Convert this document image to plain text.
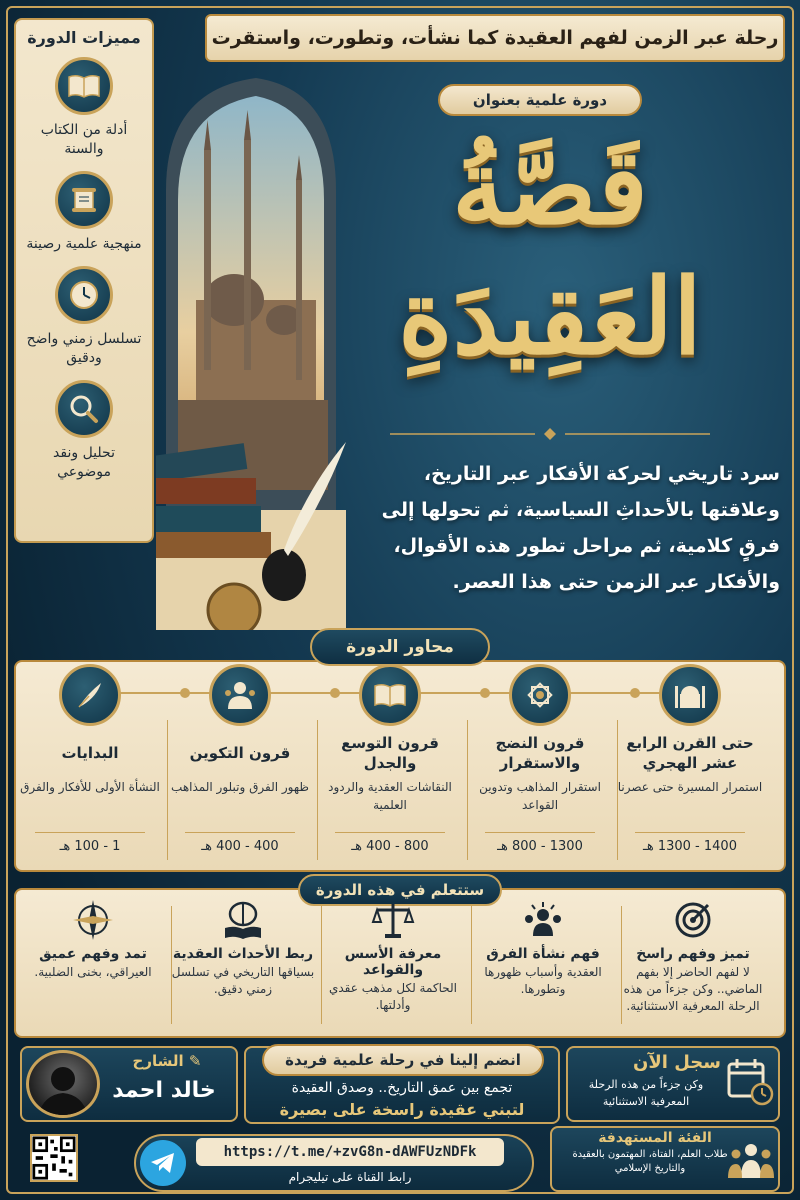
رحلة عبر الزمن لفهم العقيدة كما نشأت، وتطورت، واستقرت
مميزات الدورة
أدلة من الكتاب والسنة
منهجية علمية رصينة
تسلسل زمني واضح ودقيق
تحليل ونقد موضوعي
دورة علمية بعنوان
قَصَّةُ
العَقِيدَةِ
سرد تاريخي لحركة الأفكار عبر التاريخ، وعلاقتها بالأحداثِ السياسية، ثم تحولها إلى فرقٍ كلامية، ثم مراحل تطور هذه الأقوال، والأفكار عبر الزمن حتى هذا العصر.
محاور الدورة
حتى القرن الرابع عشر الهجري
استمرار المسيرة حتى عصرنا
1400 - 1300 هـ
قرون النضج والاستقرار
استقرار المذاهب وتدوين القواعد
1300 - 800 هـ
قرون التوسع والجدل
النقاشات العقدية والردود العلمية
800 - 400 هـ
قرون التكوين
ظهور الفرق وتبلور المذاهب
400 - 400 هـ
البدايات
النشأة الأولى للأفكار والفرق
1 - 100 هـ
ستتعلم في هذه الدورة
تميز وفهم راسخ
لا لفهم الحاضر إلا بفهم الماضي.. وكن جزءاً من هذه الرحلة المعرفية الاستثنائية.
فهم نشأة الفرق
العقدية وأسباب ظهورها وتطورها.
معرفة الأسس والقواعد
الحاكمة لكل مذهب عقدي وأدلتها.
ربط الأحداث العقدية
بسياقها التاريخي في تسلسل زمني دقيق.
تمد وفهم عميق
العيراقي، بخنى الضلبية.
✎ الشارح
خالد احمد
انضم إلينا في رحلة علمية فريدة
تجمع بين عمق التاريخ.. وصدق العقيدة
لتبني عقيدة راسخة على بصيرة
سجل الآن
وكن جزءاً من هذه الرحلة المعرفية الاستثنائية
https://t.me/+zvG8n-dAWFUzNDFk
رابط القناة على تيليجرام
الفئة المستهدفة
طلاب العلم، الفتاة، المهتمون بالعقيدة والتاريخ الإسلامي
